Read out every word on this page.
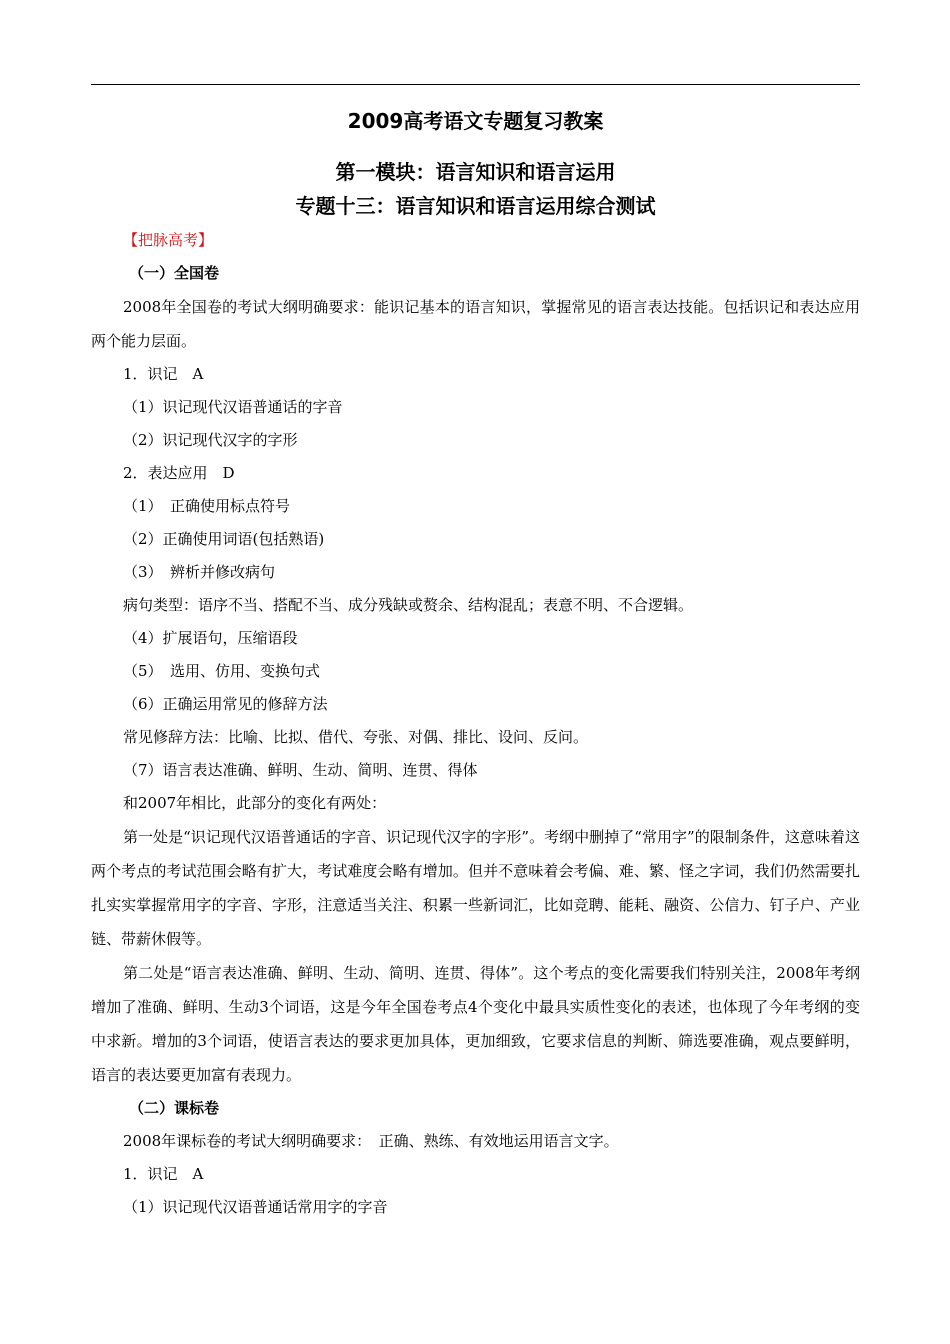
2009高考语文专题复习教案
第一模块：语言知识和语言运用
专题十三：语言知识和语言运用综合测试

【把脉高考】

（一）全国卷

2008年全国卷的考试大纲明确要求：能识记基本的语言知识，掌握常见的语言表达技能。包括识记和表达应用两个能力层面。

1．识记　A

（1）识记现代汉语普通话的字音

（2）识记现代汉字的字形

2．表达应用　D

（1）　正确使用标点符号

（2）正确使用词语(包括熟语)

（3）　辨析并修改病句

病句类型：语序不当、搭配不当、成分残缺或赘余、结构混乱；表意不明、不合逻辑。

（4）扩展语句，压缩语段

（5）　选用、仿用、变换句式

（6）正确运用常见的修辞方法

常见修辞方法：比喻、比拟、借代、夸张、对偶、排比、设问、反问。

（7）语言表达准确、鲜明、生动、简明、连贯、得体

和2007年相比，此部分的变化有两处：

第一处是“识记现代汉语普通话的字音、识记现代汉字的字形”。考纲中删掉了“常用字”的限制条件，这意味着这两个考点的考试范围会略有扩大，考试难度会略有增加。但并不意味着会考偏、难、繁、怪之字词，我们仍然需要扎扎实实掌握常用字的字音、字形，注意适当关注、积累一些新词汇，比如竞聘、能耗、融资、公信力、钉子户、产业链、带薪休假等。

第二处是“语言表达准确、鲜明、生动、简明、连贯、得体”。这个考点的变化需要我们特别关注，2008年考纲增加了准确、鲜明、生动3个词语，这是今年全国卷考点4个变化中最具实质性变化的表述，也体现了今年考纲的变中求新。增加的3个词语，使语言表达的要求更加具体，更加细致，它要求信息的判断、筛选要准确，观点要鲜明，语言的表达要更加富有表现力。

（二）课标卷

2008年课标卷的考试大纲明确要求：　正确、熟练、有效地运用语言文字。

1．识记　A

（1）识记现代汉语普通话常用字的字音
